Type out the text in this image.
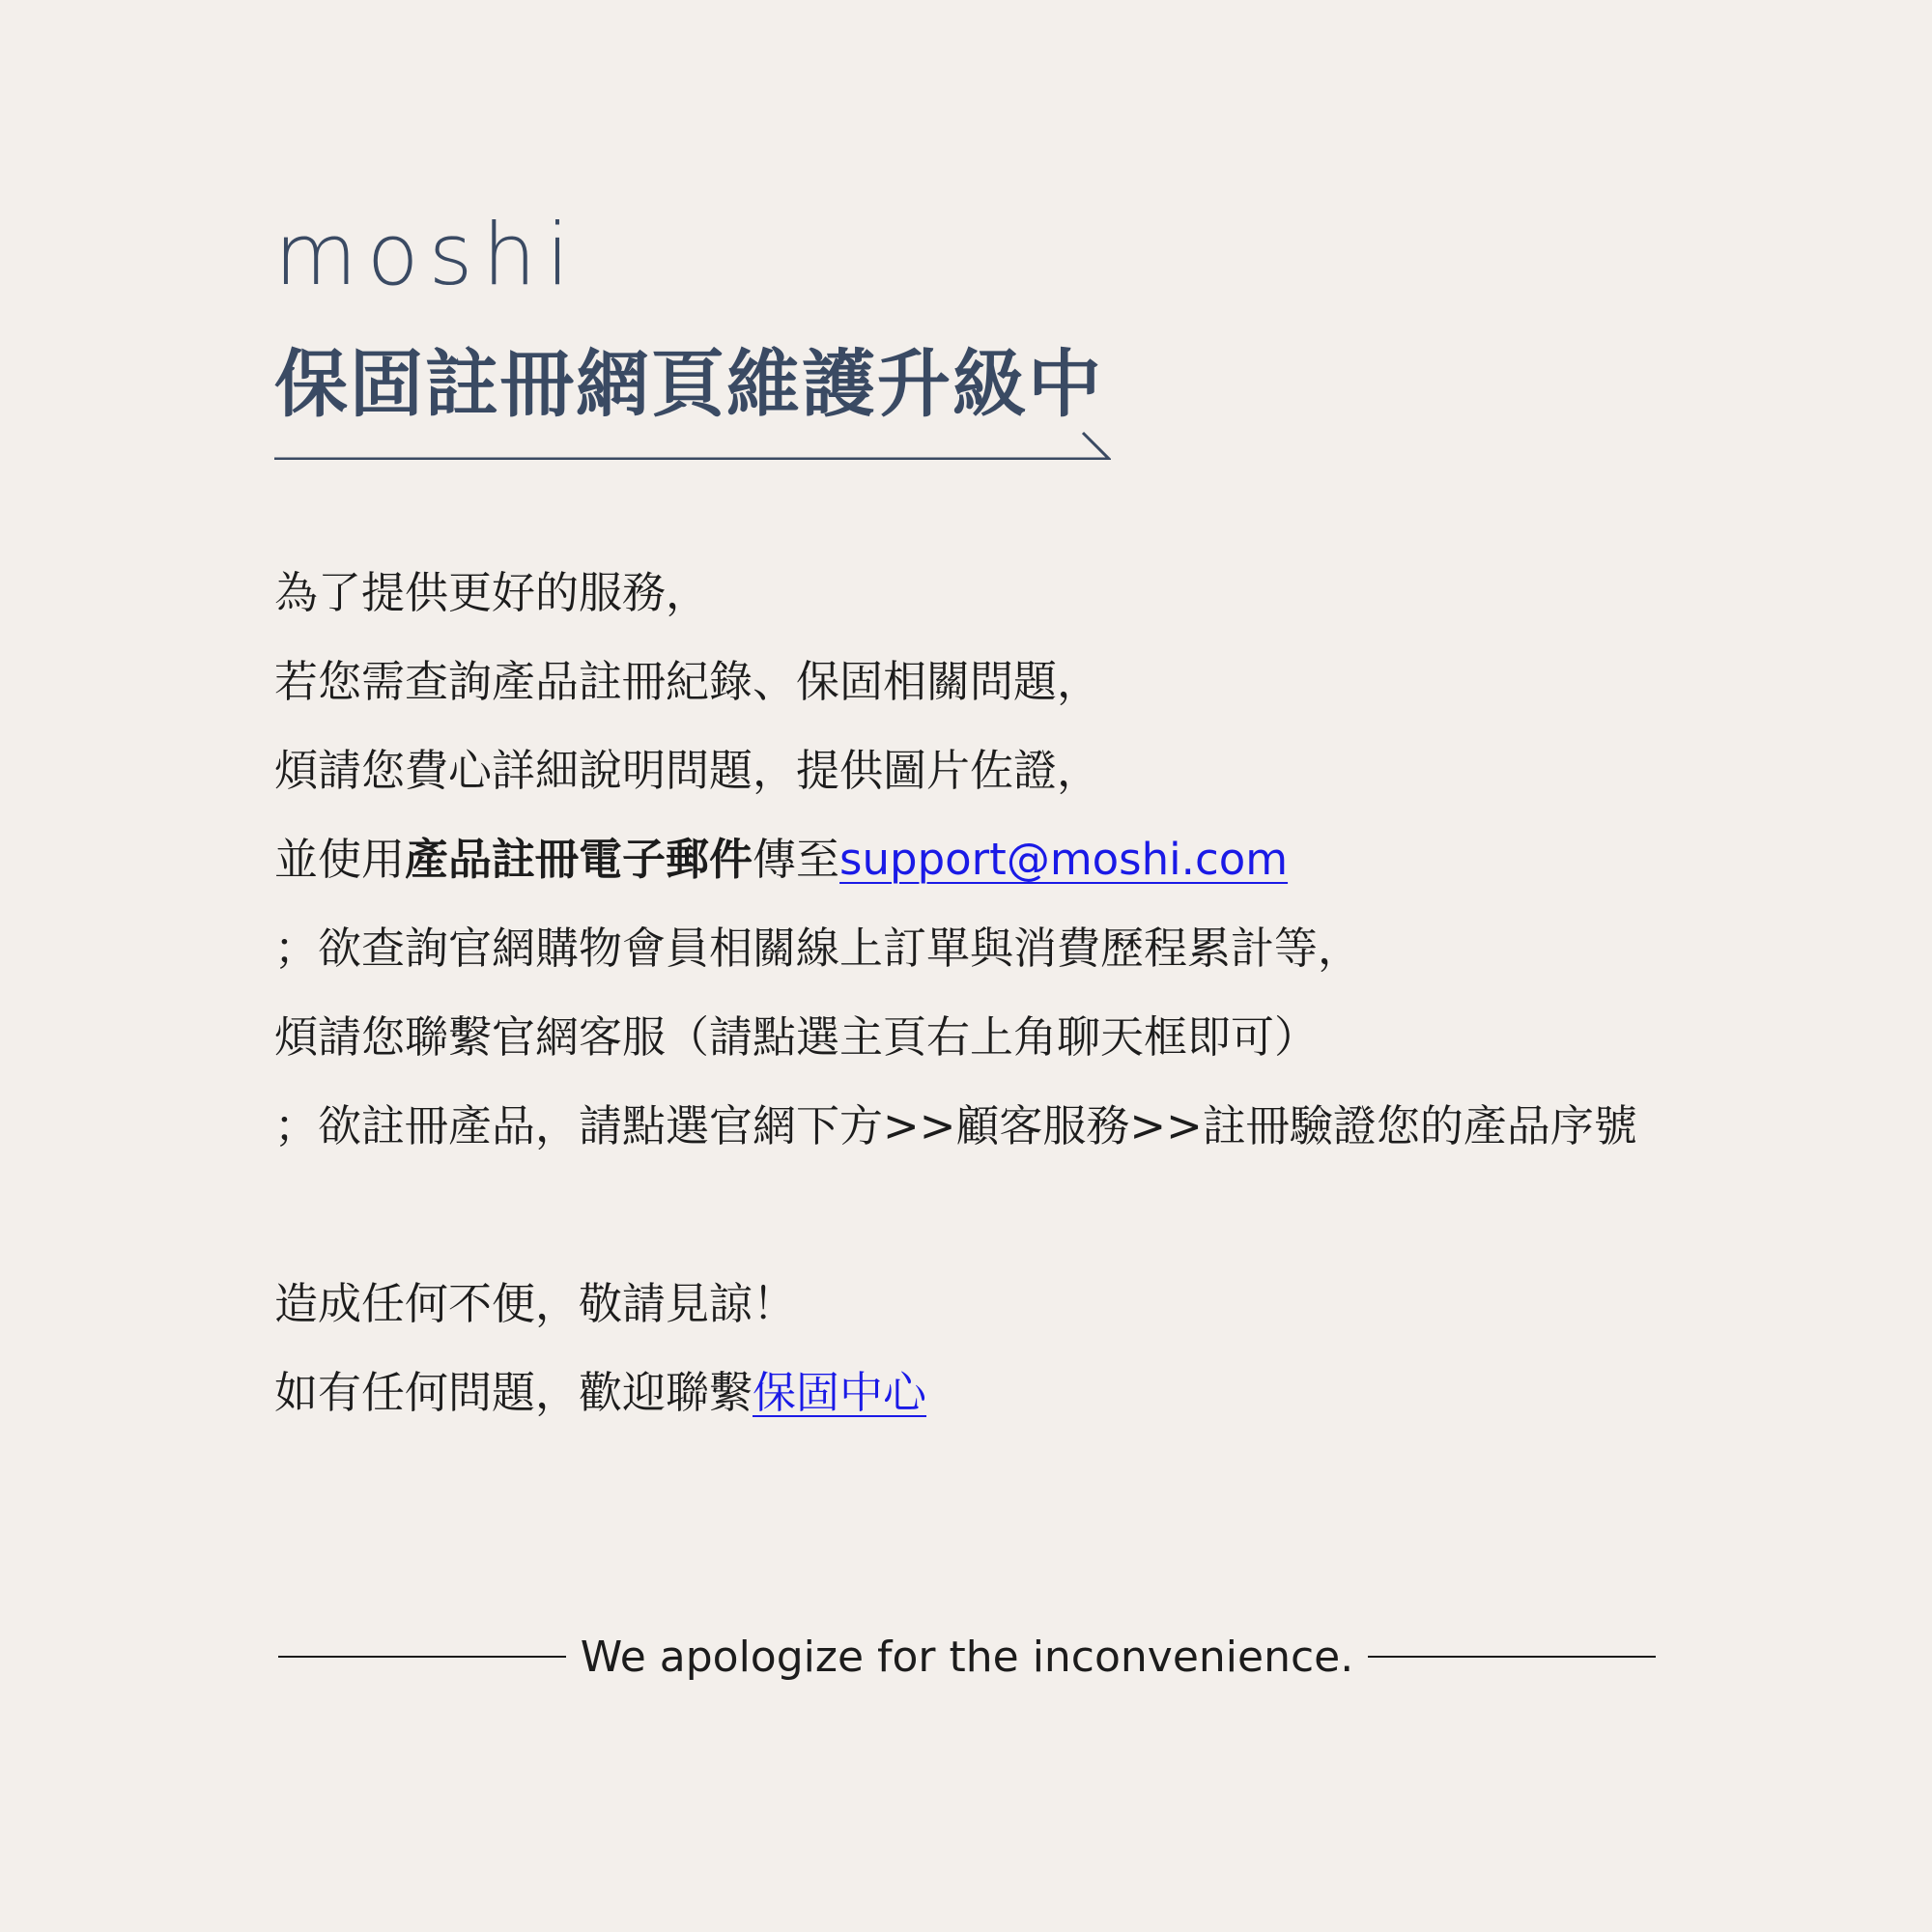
moshi
保固註冊網頁維護升級中
為了提供更好的服務，
若您需查詢產品註冊紀錄、保固相關問題，
煩請您費心詳細說明問題，提供圖片佐證，
並使用產品註冊電子郵件傳至support@moshi.com
；欲查詢官網購物會員相關線上訂單與消費歷程累計等，
煩請您聯繫官網客服（請點選主頁右上角聊天框即可）
；欲註冊產品，請點選官網下方>>顧客服務>>註冊驗證您的產品序號
造成任何不便，敬請見諒！
如有任何問題，歡迎聯繫保固中心
We apologize for the inconvenience.
